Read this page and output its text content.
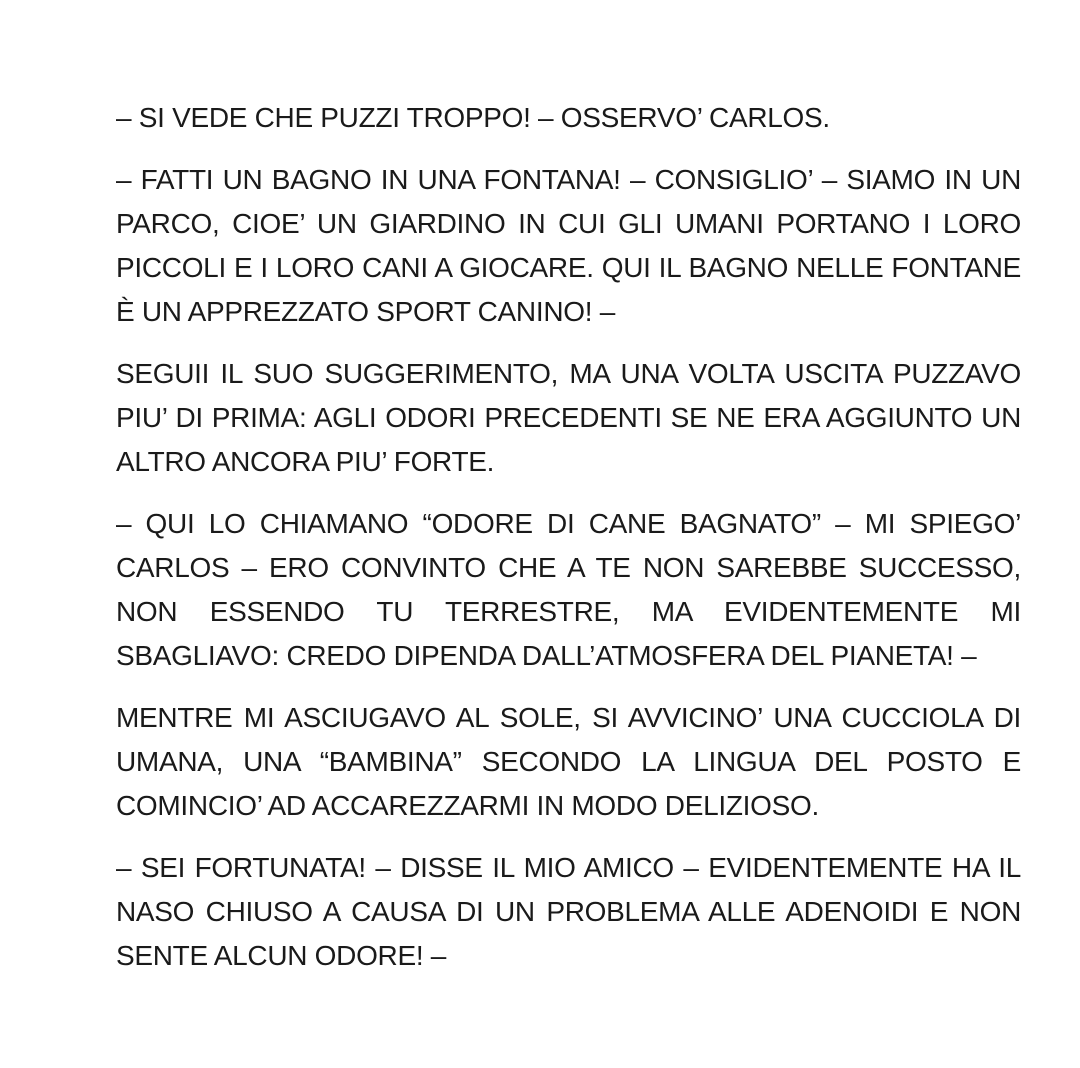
– SI VEDE CHE PUZZI TROPPO! – OSSERVO’ CARLOS.

– FATTI UN BAGNO IN UNA FONTANA! – CONSIGLIO’ – SIAMO IN UN PARCO, CIOE’ UN GIARDINO IN CUI GLI UMANI PORTANO I LORO PICCOLI E I LORO CANI A GIOCARE. QUI IL BAGNO NELLE FONTANE È UN APPREZZATO SPORT CANINO! –

SEGUII IL SUO SUGGERIMENTO, MA UNA VOLTA USCITA PUZZAVO PIU’ DI PRIMA: AGLI ODORI PRECEDENTI SE NE ERA AGGIUNTO UN ALTRO ANCORA PIU’ FORTE.

– QUI LO CHIAMANO “ODORE DI CANE BAGNATO” – MI SPIEGO’ CARLOS – ERO CONVINTO CHE A TE NON SAREBBE SUCCESSO, NON ESSENDO TU TERRESTRE, MA EVIDENTEMENTE MI SBAGLIAVO: CREDO DIPENDA DALL’ATMOSFERA DEL PIANETA! –

MENTRE MI ASCIUGAVO AL SOLE, SI AVVICINO’ UNA CUCCIOLA DI UMANA, UNA “BAMBINA” SECONDO LA LINGUA DEL POSTO E COMINCIO’ AD ACCAREZZARMI IN MODO DELIZIOSO.

– SEI FORTUNATA! – DISSE IL MIO AMICO – EVIDENTEMENTE HA IL NASO CHIUSO A CAUSA DI UN PROBLEMA ALLE ADENOIDI E NON SENTE ALCUN ODORE! –
